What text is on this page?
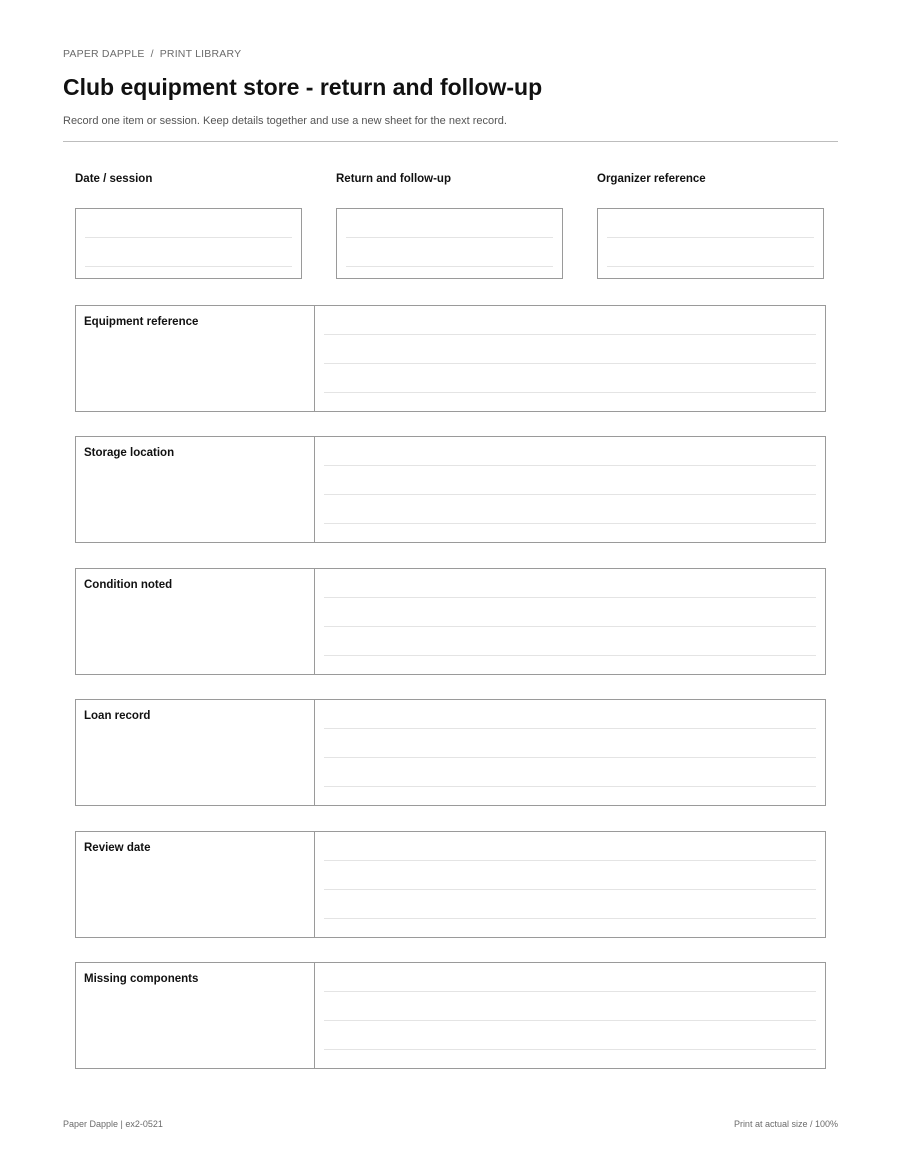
PAPER DAPPLE / PRINT LIBRARY
Club equipment store - return and follow-up
Record one item or session. Keep details together and use a new sheet for the next record.
Date / session	Return and follow-up	Organizer reference
Equipment reference
Storage location
Condition noted
Loan record
Review date
Missing components
Paper Dapple | ex2-0521	Print at actual size / 100%
